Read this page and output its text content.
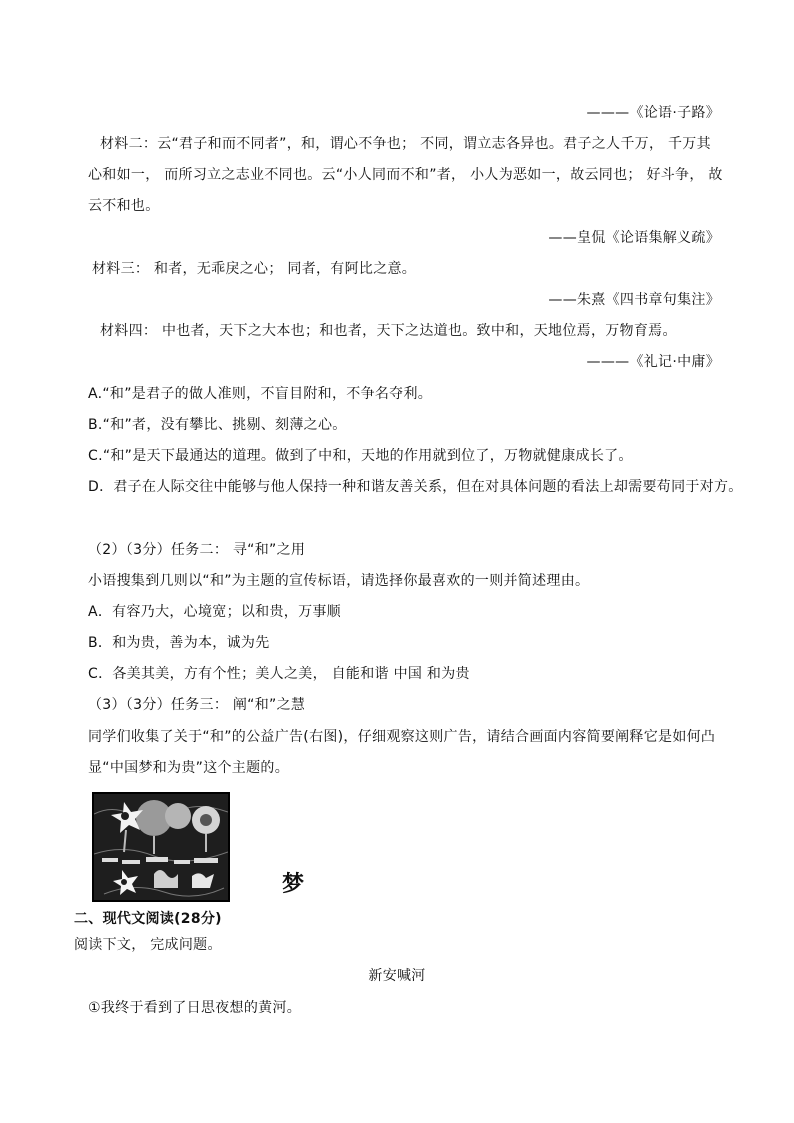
———《论语·子路》
材料二：云“君子和而不同者”，和，谓心不争也； 不同，谓立志各异也。君子之人千万， 千万其
心和如一， 而所习立之志业不同也。云“小人同而不和”者， 小人为恶如一，故云同也； 好斗争， 故
云不和也。
——皇侃《论语集解义疏》
材料三： 和者，无乖戾之心； 同者，有阿比之意。
——朱熹《四书章句集注》
材料四： 中也者，天下之大本也；和也者，天下之达道也。致中和，天地位焉，万物育焉。
———《礼记·中庸》
A.“和”是君子的做人准则，不盲目附和，不争名夺利。
B.“和”者，没有攀比、挑剔、刻薄之心。
C.“和”是天下最通达的道理。做到了中和，天地的作用就到位了，万物就健康成长了。
D．君子在人际交往中能够与他人保持一种和谐友善关系，但在对具体问题的看法上却需要苟同于对方。
（2）（3分）任务二： 寻“和”之用
小语搜集到几则以“和”为主题的宣传标语，请选择你最喜欢的一则并简述理由。
A．有容乃大，心境宽；以和贵，万事顺
B．和为贵，善为本，诚为先
C．各美其美，方有个性；美人之美， 自能和谐 中国 和为贵
（3）（3分）任务三： 阐“和”之慧
同学们收集了关于“和”的公益广告(右图)，仔细观察这则广告，请结合画面内容简要阐释它是如何凸
显“中国梦和为贵”这个主题的。
梦
二、现代文阅读(28分)
阅读下文， 完成问题。
新安喊河
①我终于看到了日思夜想的黄河。
